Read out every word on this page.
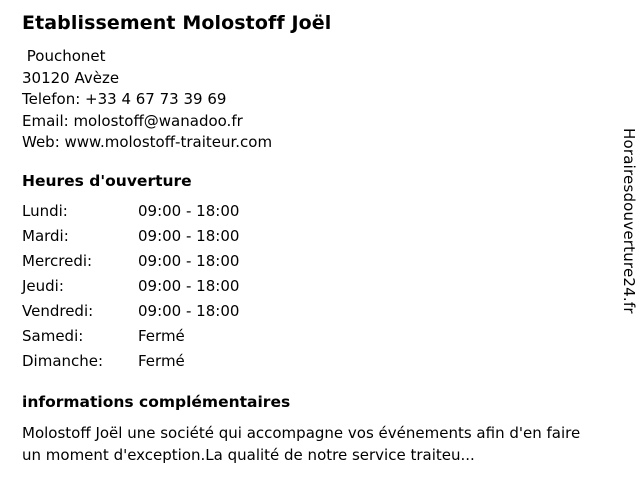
Etablissement Molostoff Joël
Pouchonet
30120 Avèze
Telefon: +33 4 67 73 39 69
Email: molostoff@wanadoo.fr
Web: www.molostoff-traiteur.com
Heures d'ouverture
Lundi:	09:00 - 18:00
Mardi:	09:00 - 18:00
Mercredi:	09:00 - 18:00
Jeudi:	09:00 - 18:00
Vendredi:	09:00 - 18:00
Samedi:	Fermé
Dimanche:	Fermé
informations complémentaires
Molostoff Joël une société qui accompagne vos événements afin d'en faire un moment d'exception.La qualité de notre service traiteu...
Horairesdouverture24.fr
